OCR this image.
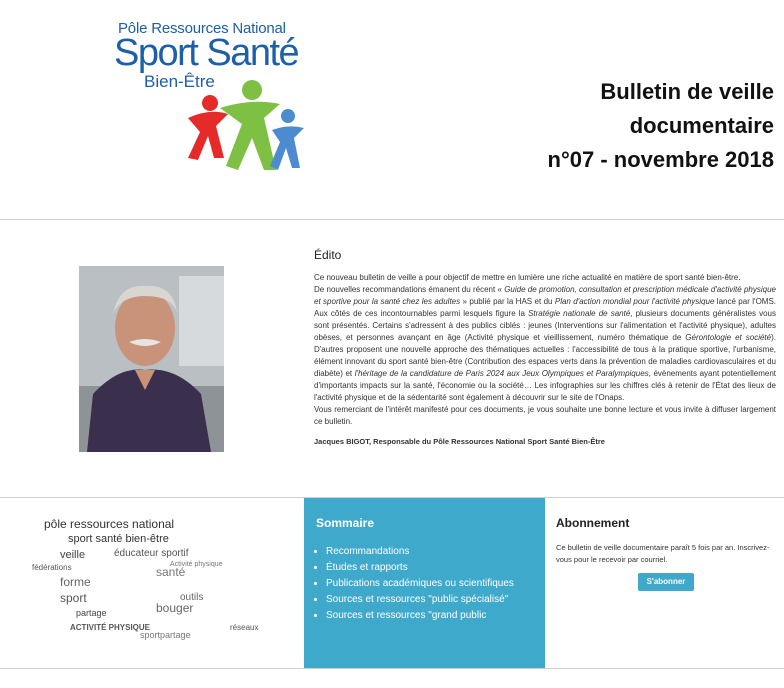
Pôle Ressources National
Sport Santé
Bien-Être	Bulletin de veille
documentaire
n°07 - novembre 2018
Édito

Ce nouveau bulletin de veille a pour objectif de mettre en lumière une riche actualité en matière de sport santé bien-être.

De nouvelles recommandations émanent du récent « Guide de promotion, consultation et prescription médicale d'activité physique et sportive pour la santé chez les adultes » publié par la HAS et du Plan d'action mondial pour l'activité physique lancé par l'OMS. Aux côtés de ces incontournables parmi lesquels figure la Stratégie nationale de santé, plusieurs documents généralistes vous sont présentés. Certains s'adressent à des publics ciblés : jeunes (Interventions sur l'alimentation et l'activité physique), adultes obèses, et personnes avançant en âge (Activité physique et vieillissement, numéro thématique de Gérontologie et société). D'autres proposent une nouvelle approche des thématiques actuelles : l'accessibilité de tous à la pratique sportive, l'urbanisme, élément innovant du sport santé bien-être (Contribution des espaces verts dans la prévention de maladies cardiovasculaires et du diabète) et l'héritage de la candidature de Paris 2024 aux Jeux Olympiques et Paralympiques, évènements ayant potentiellement d'importants impacts sur la santé, l'économie ou la société… Les infographies sur les chiffres clés à retenir de l'État des lieux de l'activité physique et de la sédentarité sont également à découvrir sur le site de l'Onaps.

Vous remerciant de l'intérêt manifesté pour ces documents, je vous souhaite une bonne lecture et vous invite à diffuser largement ce bulletin.

Jacques BIGOT, Responsable du Pôle Ressources National Sport Santé Bien-Être

pôle ressources national
sport santé bien-être
veille
fédérations
éducateur sportif
forme
sport
santé
partage
outils
bouger
ACTIVITÉ PHYSIQUE	réseaux
sportpartage
Activité physique
Sommaire
• Recommandations
• Études et rapports
• Publications académiques ou scientifiques
• Sources et ressources "public spécialisé"
• Sources et ressources "grand public
Abonnement

Ce bulletin de veille documentaire paraît 5 fois par an. Inscrivez-vous pour le recevoir par courriel.

S'abonner
